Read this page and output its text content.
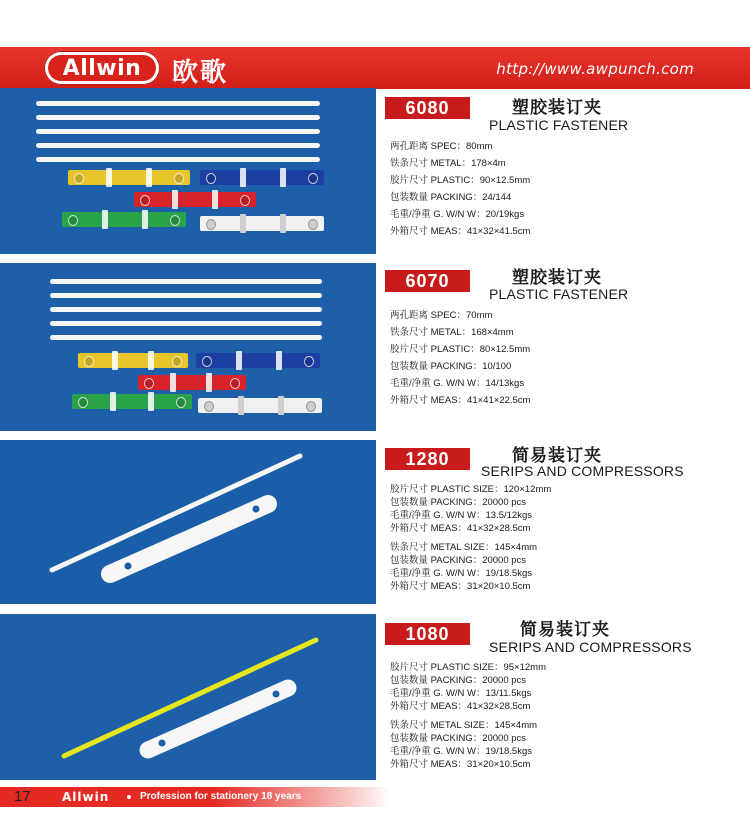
Allwin	欧歌	http://www.awpunch.com
6080	塑胶装订夹
PLASTIC FASTENER
两孔距离 SPEC：80mm
铁条尺寸 METAL：178×4m
胶片尺寸 PLASTIC：90×12.5mm
包装数量 PACKING：24/144
毛重/净重 G. W/N W：20/19kgs
外箱尺寸 MEAS：41×32×41.5cm
6070	塑胶装订夹
PLASTIC FASTENER
两孔距离 SPEC：70mm
铁条尺寸 METAL：168×4mm
胶片尺寸 PLASTIC：80×12.5mm
包装数量 PACKING：10/100
毛重/净重 G. W/N W：14/13kgs
外箱尺寸 MEAS：41×41×22.5cm
1280	简易装订夹
SERIPS AND COMPRESSORS
胶片尺寸 PLASTIC SIZE：120×12mm
包装数量 PACKING：20000 pcs
毛重/净重 G. W/N W：13.5/12kgs
外箱尺寸 MEAS：41×32×28.5cm
铁条尺寸 METAL SIZE：145×4mm
包装数量 PACKING：20000 pcs
毛重/净重 G. W/N W：19/18.5kgs
外箱尺寸 MEAS：31×20×10.5cm
1080	简易装订夹
SERIPS AND COMPRESSORS
胶片尺寸 PLASTIC SIZE：95×12mm
包装数量 PACKING：20000 pcs
毛重/净重 G. W/N W：13/11.5kgs
外箱尺寸 MEAS：41×32×28.5cm
铁条尺寸 METAL SIZE：145×4mm
包装数量 PACKING：20000 pcs
毛重/净重 G. W/N W：19/18.5kgs
外箱尺寸 MEAS：31×20×10.5cm
17	Allwin	Profession for stationery 18 years
